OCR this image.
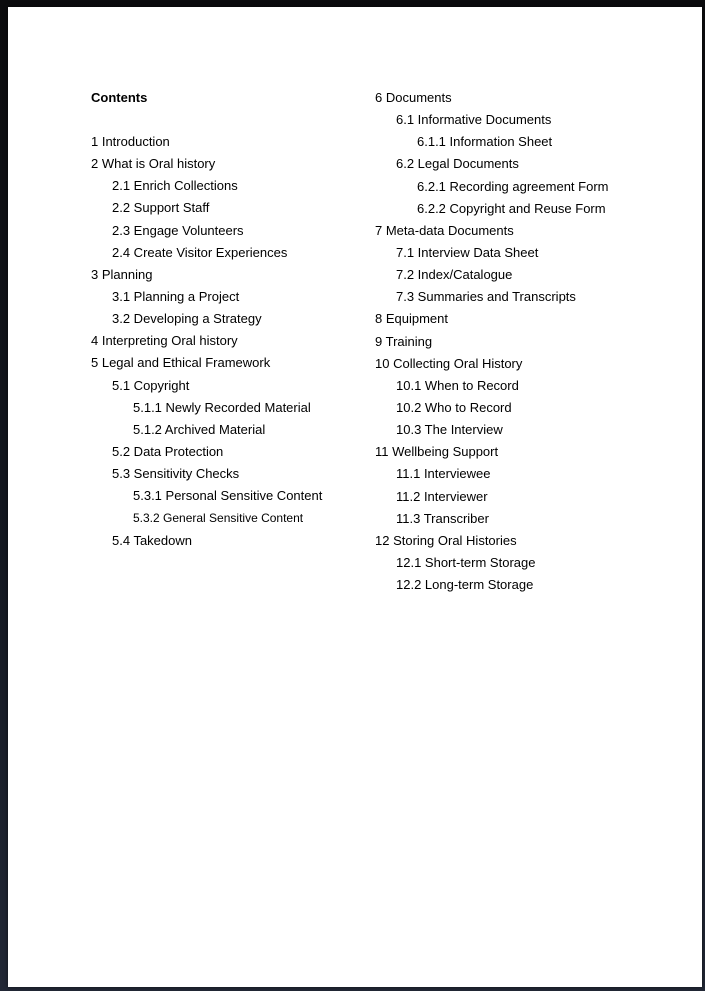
Contents
1 Introduction
2 What is Oral history
2.1 Enrich Collections
2.2 Support Staff
2.3 Engage Volunteers
2.4 Create Visitor Experiences
3 Planning
3.1 Planning a Project
3.2 Developing a Strategy
4 Interpreting Oral history
5 Legal and Ethical Framework
5.1 Copyright
5.1.1 Newly Recorded Material
5.1.2 Archived Material
5.2 Data Protection
5.3 Sensitivity Checks
5.3.1 Personal Sensitive Content
5.3.2 General Sensitive Content
5.4 Takedown
6 Documents
6.1 Informative Documents
6.1.1 Information Sheet
6.2 Legal Documents
6.2.1 Recording agreement Form
6.2.2 Copyright and Reuse Form
7 Meta-data Documents
7.1 Interview Data Sheet
7.2 Index/Catalogue
7.3 Summaries and Transcripts
8 Equipment
9 Training
10 Collecting Oral History
10.1 When to Record
10.2 Who to Record
10.3 The Interview
11 Wellbeing Support
11.1 Interviewee
11.2 Interviewer
11.3 Transcriber
12 Storing Oral Histories
12.1 Short-term Storage
12.2 Long-term Storage
